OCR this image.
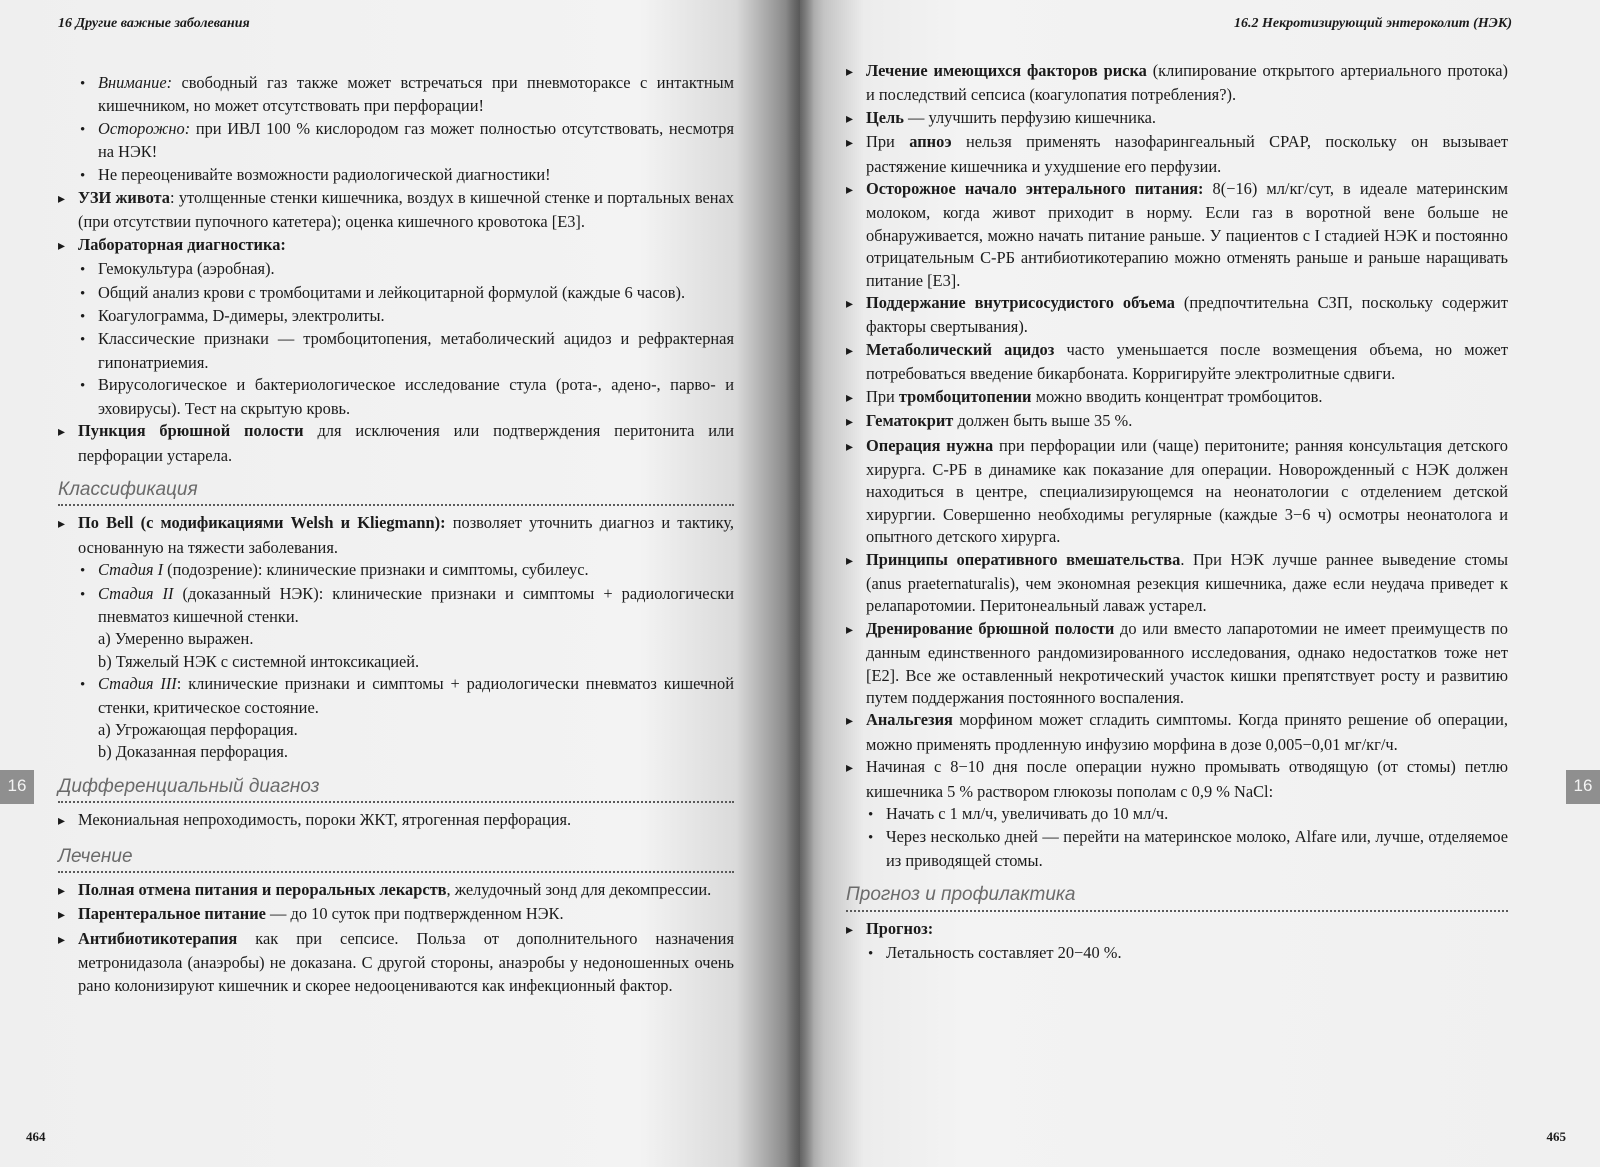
16 Другие важные заболевания

• Внимание: свободный газ также может встречаться при пневмотораксе с интактным кишечником, но может отсутствовать при перфорации!

• Осторожно: при ИВЛ 100 % кислородом газ может полностью отсутствовать, несмотря на НЭК!

• Не переоценивайте возможности радиологической диагностики!

▸ УЗИ живота: утолщенные стенки кишечника, воздух в кишечной стенке и портальных венах (при отсутствии пупочного катетера); оценка кишечного кровотока [E3].

▸ Лабораторная диагностика:

• Гемокультура (аэробная).

• Общий анализ крови с тромбоцитами и лейкоцитарной формулой (каждые 6 часов).

• Коагулограмма, D-димеры, электролиты.

• Классические признаки — тромбоцитопения, метаболический ацидоз и рефрактерная гипонатриемия.

• Вирусологическое и бактериологическое исследование стула (рота-, адено-, парво- и эховирусы). Тест на скрытую кровь.

▸ Пункция брюшной полости для исключения или подтверждения перитонита или перфорации устарела.

Классификация

▸ По Bell (с модификациями Welsh и Kliegmann): позволяет уточнить диагноз и тактику, основанную на тяжести заболевания.

• Стадия I (подозрение): клинические признаки и симптомы, субилеус.

• Стадия II (доказанный НЭК): клинические признаки и симптомы + радиологически пневматоз кишечной стенки.

a) Умеренно выражен.

b) Тяжелый НЭК с системной интоксикацией.

• Стадия III: клинические признаки и симптомы + радиологически пневматоз кишечной стенки, критическое состояние.

a) Угрожающая перфорация.

b) Доказанная перфорация.

Дифференциальный диагноз

▸ Мекониальная непроходимость, пороки ЖКТ, ятрогенная перфорация.

Лечение

▸ Полная отмена питания и пероральных лекарств, желудочный зонд для декомпрессии.

▸ Парентеральное питание — до 10 суток при подтвержденном НЭК.

▸ Антибиотикотерапия как при сепсисе. Польза от дополнительного назначения метронидазола (анаэробы) не доказана. С другой стороны, анаэробы у недоношенных очень рано колонизируют кишечник и скорее недооцениваются как инфекционный фактор.

16
464
16.2 Некротизирующий энтероколит (НЭК)

▸ Лечение имеющихся факторов риска (клипирование открытого артериального протока) и последствий сепсиса (коагулопатия потребления?).

▸ Цель — улучшить перфузию кишечника.

▸ При апноэ нельзя применять назофарингеальный CPAP, поскольку он вызывает растяжение кишечника и ухудшение его перфузии.

▸ Осторожное начало энтерального питания: 8(−16) мл/кг/сут, в идеале материнским молоком, когда живот приходит в норму. Если газ в воротной вене больше не обнаруживается, можно начать питание раньше. У пациентов с I стадией НЭК и постоянно отрицательным С-РБ антибиотикотерапию можно отменять раньше и раньше наращивать питание [E3].

▸ Поддержание внутрисосудистого объема (предпочтительна СЗП, поскольку содержит факторы свертывания).

▸ Метаболический ацидоз часто уменьшается после возмещения объема, но может потребоваться введение бикарбоната. Корригируйте электролитные сдвиги.

▸ При тромбоцитопении можно вводить концентрат тромбоцитов.

▸ Гематокрит должен быть выше 35 %.

▸ Операция нужна при перфорации или (чаще) перитоните; ранняя консультация детского хирурга. С-РБ в динамике как показание для операции. Новорожденный с НЭК должен находиться в центре, специализирующемся на неонатологии с отделением детской хирургии. Совершенно необходимы регулярные (каждые 3−6 ч) осмотры неонатолога и опытного детского хирурга.

▸ Принципы оперативного вмешательства. При НЭК лучше раннее выведение стомы (anus praeternaturalis), чем экономная резекция кишечника, даже если неудача приведет к релапаротомии. Перитонеальный лаваж устарел.

▸ Дренирование брюшной полости до или вместо лапаротомии не имеет преимуществ по данным единственного рандомизированного исследования, однако недостатков тоже нет [E2]. Все же оставленный некротический участок кишки препятствует росту и развитию путем поддержания постоянного воспаления.

▸ Анальгезия морфином может сгладить симптомы. Когда принято решение об операции, можно применять продленную инфузию морфина в дозе 0,005−0,01 мг/кг/ч.

▸ Начиная с 8−10 дня после операции нужно промывать отводящую (от стомы) петлю кишечника 5 % раствором глюкозы пополам с 0,9 % NaCl:

• Начать с 1 мл/ч, увеличивать до 10 мл/ч.

• Через несколько дней — перейти на материнское молоко, Alfare или, лучше, отделяемое из приводящей стомы.

Прогноз и профилактика

▸ Прогноз:

• Летальность составляет 20−40 %.

16
465
